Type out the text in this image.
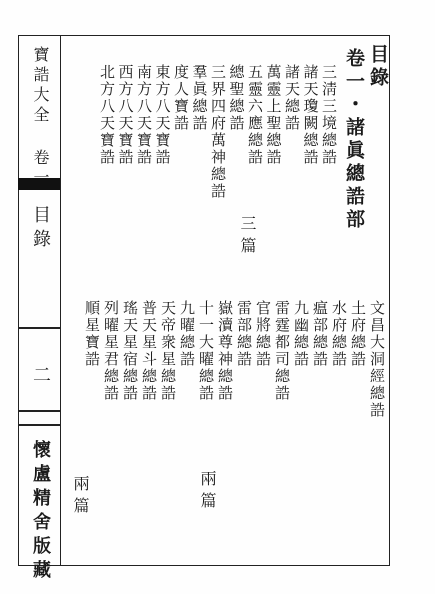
目錄
卷一・諸眞總誥部
三淸三境總誥
諸天瓊闕總誥
諸天總誥
萬靈上聖總誥
五靈六應總誥
總聖總誥
三界四府萬神總誥
羣眞總誥
度人寶誥
東方八天寶誥
南方八天寶誥
西方八天寶誥
北方八天寶誥
三篇
文昌大洞經總誥
土府總誥
水府總誥
瘟部總誥
九幽總誥
雷霆都司總誥
官將總誥
雷部總誥
嶽瀆尊神總誥
十一大曜總誥
九曜總誥
天帝衆星總誥
普天星斗總誥
兩篇
兩篇
寶誥大全 卷一
目錄
二
懷盧精舍版藏
瑤天星宿總誥
列曜星君總誥
順星寶誥
